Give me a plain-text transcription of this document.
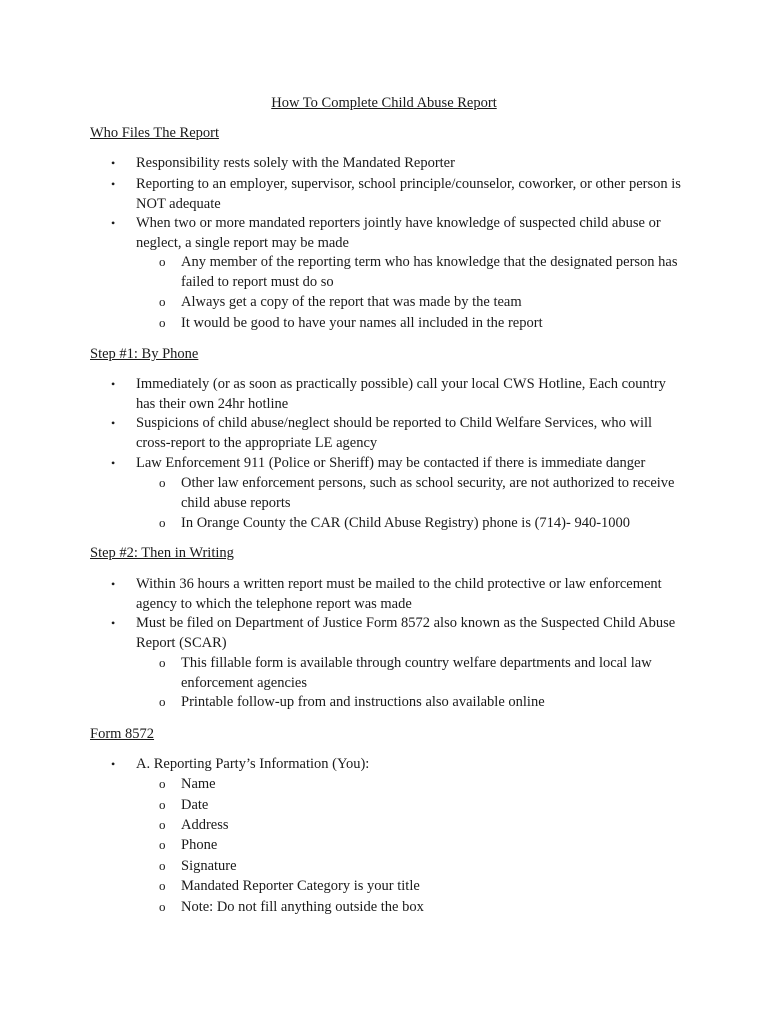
How To Complete Child Abuse Report
Who Files The Report
• Responsibility rests solely with the Mandated Reporter
• Reporting to an employer, supervisor, school principle/counselor, coworker, or other person is NOT adequate
• When two or more mandated reporters jointly have knowledge of suspected child abuse or neglect, a single report may be made
o Any member of the reporting term who has knowledge that the designated person has failed to report must do so
o Always get a copy of the report that was made by the team
o It would be good to have your names all included in the report
Step #1: By Phone
• Immediately (or as soon as practically possible) call your local CWS Hotline, Each country has their own 24hr hotline
• Suspicions of child abuse/neglect should be reported to Child Welfare Services, who will cross-report to the appropriate LE agency
• Law Enforcement 911 (Police or Sheriff) may be contacted if there is immediate danger
o Other law enforcement persons, such as school security, are not authorized to receive child abuse reports
o In Orange County the CAR (Child Abuse Registry) phone is (714)- 940-1000
Step #2: Then in Writing
• Within 36 hours a written report must be mailed to the child protective or law enforcement agency to which the telephone report was made
• Must be filed on Department of Justice Form 8572 also known as the Suspected Child Abuse Report (SCAR)
o This fillable form is available through country welfare departments and local law enforcement agencies
o Printable follow-up from and instructions also available online
Form 8572
• A. Reporting Party’s Information (You):
o Name
o Date
o Address
o Phone
o Signature
o Mandated Reporter Category is your title
o Note: Do not fill anything outside the box
